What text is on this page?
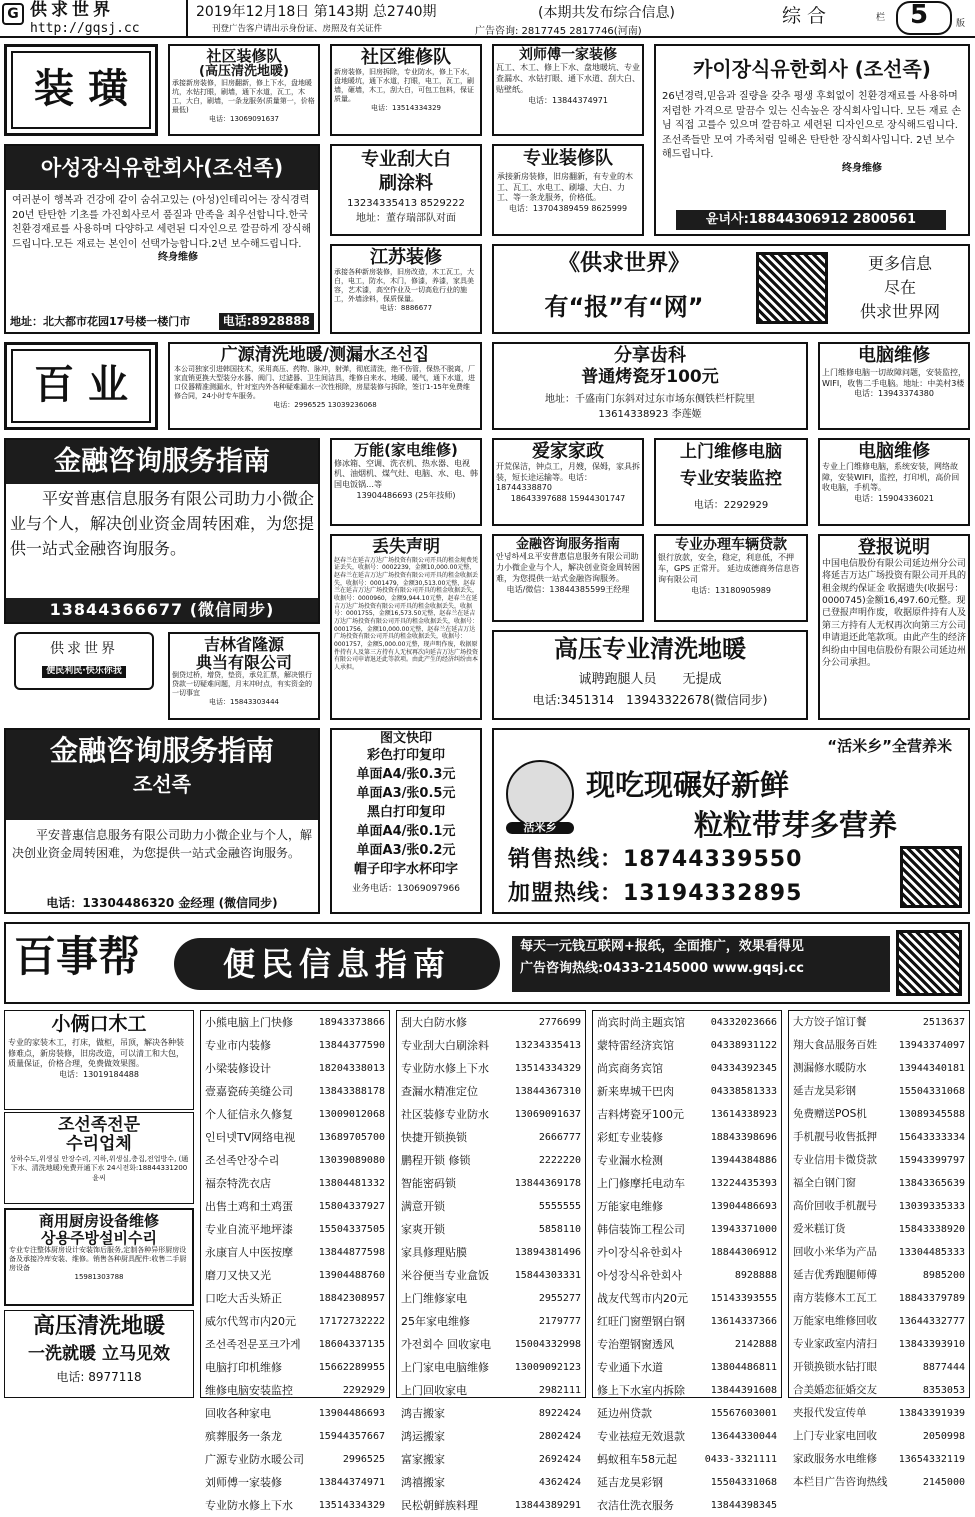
G 供求世界
http://gqsj.cc
2019年12月18日 第143期 总2740期
刊登广告客户请出示身份证、房照及有关证件
(本期共发布综合信息)
广告咨询: 2817745 2817746(河南)
综 合	栏 5	版
装 璜
社区装修队
(高压清洗地暖)
承接新房装修，旧房翻新，修上下水，盘地暖坑，水钻打眼，刷墙，通下水道，瓦工，木工，大白，刷墙，一条龙服务(质量第一，价格最低)
电话：13069091637
社区维修队
新房装修，旧房拆除，专业防水，修上下水，盘地暖坑，通下水道，打眼，电工，瓦工，刷墙，砸墙，木工，刮大白，可包工包料，保证质量。
电话：13514334329
刘师傅一家装修
瓦工、木工、修上下水、盘地暖坑、专业查漏水、水钻打眼、通下水道、刮大白、贴壁纸。
电话：13844374971
카이장식유한회사 (조선족)
26년경력,믿음과 질량을 갖추 평생 후회없이 친환경재료를 사용하며 저렴한 가격으로 말끔수 있는 신속높은 장식회사입니다. 모든 재료 손님 직접 고를수 있으며 깔끔하고 세련된 디자인으로 장식해드립니다.조선족들만 모여 가족처럼 일해온 탄탄한 장식회사입니다. 2년 보수해드립니다.
终身维修
윤녀사:18844306912 2800561
아성장식유한회사(조선족)
여러분이 행복과 건강에 같이 숨쉬고있는 (아성)인테리어는 장식경력 20년 탄탄한 기초를 가진회사로서 품질과 만족을 최우선합니다.한국 친환경재료를 사용하며 다양하고 세련된 디자인으로 깔끔하게 장식해드립니다.모든 재료는 본인이 선택가능합니다.2년 보수해드립니다.
终身维修
地址：北大都市花园17号楼一楼门市	电话:8928888
专业刮大白
刷涂料
13234335413 8529222
地址：董存瑞部队对面
专业装修队
承接新房装修，旧房翻新，有专业的木工、瓦工、水电工、刷墙、大白、力工、等一条龙服务，价格低。
电话：13704389459 8625999
江苏装修
承接各种新房装修，旧房改造，木工瓦工，大白，电工，防水，木门，修漆，养漆，家具美容，艺术漆，高空作业及一切高危行业的施工，外墙涂料，保质保量。
电话：8886677
《供求世界》
有“报”有“网”
更多信息
尽在
供求世界网
百 业
广源清洗地暖/测漏水조선집
本公司独家引进韩国技术，采用高压、药物、脉冲，射弹，彻底清洗，绝不伤管，保热不脱离，厂家直销更换大型装分水器、阀门、过滤器、卫生间洁具，维修自来水、地暖、暖气，通下水道，进口仪器精准测漏水，针对室内外各种疑难漏水一次性根除，房屋装修与拆除，签订1-15年免费维修合同，24小时专车服务。
电话：2996525 13039236068
分享齿科
普通烤瓷牙100元
地址：千盛南门东斜对过东市场东侧铁栏杆院里
13614338923 李莲姬
电脑维修
上门维修电脑一切故障问题，安装监控，WIFI，收售二手电脑。地址：中美村3楼
电话：13943374380
金融咨询服务指南
平安普惠信息服务有限公司助力小微企业与个人，解决创业资金周转困难，为您提供一站式金融咨询服务。
13844366677 (微信同步)
万能(家电维修)
修冰箱、空调、洗衣机、热水器、电视机、油烟机、煤气灶、电脑、水、电、韩国电饭锅…等
13904486693 (25年技师)
爱家家政
开荒保洁，钟点工，月嫂，保姆，家具拆装，短长途运输等。电话：18744338870
18643397688 15944301747
上门维修电脑
专业安装监控
电话：2292929
电脑维修
专业上门维修电脑，系统安装，网络故障，安装WIFI，监控，打印机，高价回收电脑，手机等。
电话：15904336021
丢失声明
赵春兰在延吉万达广场投资有限公司开具的租金规费凭证丢失，收据号：0002239，金额10,000.00元整，赵春兰在延吉万达广场投资有限公司开具的租金收据丢失，收据号：0001479，金额30,513.00元整，赵春兰在延吉万达广场投资有限公司开具的租金收据丢失，收据号：0000960，金额9,944.10元整，赵春兰在延吉万达广场投资有限公司开具的租金收据丢失，收据号：0001755，金额16,573.50元整，赵春兰在延吉万达广场投资有限公司开具的租金收据丢失，收据号：0001756，金额10,000.00元整，赵春兰在延吉万达广场投资有限公司开具的租金收据丢失，收据号：0001757，金额5,000.00元整，现声明作废，收据原件持有人及第三方持有人无权再次向延吉万达广场投资有限公司申请退还此等款项。由此产生的经济纠纷由本人承担。
金融咨询服务指南
안녕하세요平安普惠信息服务有限公司助力小微企业与个人，解决创业资金周转困难，为您提供一站式金融咨询服务。
电话/微信：13844385599王经理
专业办理车辆贷款
银行放款，安全，稳定，利息低，不押车，GPS 正常开。 延边成德商务信息咨询有限公司
电话：13180905989
登报说明
中国电信股份有限公司延边州分公司将延吉万达广场投资有限公司开具的租金规约保证金 收据遗失(收据号：0000745)金额16,497.60元整。现已登报声明作废，收据原件持有人及第三方持有人无权再次向第三方公司申请退还此笔款项。由此产生的经济纠纷由中国电信股份有限公司延边州分公司承担。
供求世界
便民利民·快乐你我
吉林省隆源
典当有限公司
倒贷过桥，增贷，垫资，承兑汇票，解决银行贷款一切疑难问题，月末冲时点，有实资金的一切事宜
电话：15843303444
高压专业清洗地暖
诚聘跑腿人员　　无提成
电话:3451314　13943322678(微信同步)
金融咨询服务指南
조선족
平安普惠信息服务有限公司助力小微企业与个人，解决创业资金周转困难，为您提供一站式金融咨询服务。
电话：13304486320 金经理 (微信同步)
图文快印
彩色打印复印
单面A4/张0.3元
单面A3/张0.5元
黑白打印复印
单面A4/张0.1元
单面A3/张0.2元
帽子印字水杯印字
业务电话：13069097966
“活米乡”全营养米
活米乡
现吃现碾好新鲜
粒粒带芽多营养
销售热线：18744339550
加盟热线：13194332895
百事帮	便民信息指南	每天一元钱互联网+报纸，全面推广，效果看得见
广告咨询热线:0433-2145000 www.gqsj.cc
小俩口木工
专业的家装木工，打床，做柜，吊顶，解决各种装修难点，新房装修，旧房改造，可以清工和大包，质量保证，价格合理，免费做效果图。
电话：13019184488
조선족전문
수리업체
상하수도,위생실 안장수리, 지하,위생실,층집,전업방수, (通下水、清洗地暖)免费开通下水 24시전화:18844331200 윤씨
商用厨房设备维修
상용주방설비수리
专业专注整体厨房设计安装饰后服务,定制各种异形厨房设备及承接冷库安装、维修。销售各种厨具配件:收售二手厨房设备
15981303788
高压清洗地暖
一洗就暖 立马见效
电话: 8977118
小熊电脑上门快修	18943373866
专业市内装修	13844377590
小梁装修设计	18204338013
壹嘉瓷砖美缝公司	13843388178
个人征信永久修复	13009012068
인터넷TV网络电视 13689705700
조선족안장수리	13039089080
福奈特洗衣店	13804481332
出售土鸡和土鸡蛋	15804337927
专业自流平地坪漆	15504337505
永康盲人中医按摩	13844877598
磨刀又快又光	13904488760
口吃大舌头矫正	18842308957
威尔代驾市内20元 17172732222
조선족전문포크가게 18604337135
电脑打印机维修	15662289955
维修电脑安装监控	2292929
回收各种家电	13904486693
殡葬服务一条龙	15944357667
广源专业防水暖公司	2996525
刘师傅一家装修	13844374971
专业防水修上下水	13514334329
刮大白防水修	2776699
专业刮大白刷涂料	13234335413
专业防水修上下水	13514334329
查漏水精准定位	13844367310
社区装修专业防水	13069091637
快捷开锁换锁	2666777
鹏程开锁 修锁	2222220
智能密码锁	13844369178
满意开锁	5555555
家爽开锁	5858110
家具修理贴膜	13894381496
米谷便当专业盒饭	15844303331
上门维修家电	2955277
25年家电维修	2179777
가전회수 回收家电 15004332998
上门家电电脑维修	13009092123
上门回收家电	2982111
鸿吉搬家	8922424
鸿运搬家	2802424
富家搬家	2692424
鸿禧搬家	4362424
民松朝鲜族料理	13844389291
尚宾时尚主题宾馆	04332023666
蒙特雷经济宾馆	04338931122
尚宾商务宾馆	04334392345
新来卑城干巴肉	04338581333
吉料烤瓷牙100元	13614338923
彩虹专业装修	18843398696
专业漏水检测	13944384886
上门修摩托电动车	13224435393
万能家电维修	13904486693
韩信装饰工程公司	13943371000
카이장식유한회사	18844306912
아성장식유한회사	8928888
战友代驾市内20元 15143393555
红旺门窗塑钢白钢	13614337366
专治塑钢窗透风	2142888
专业通下水道	13804486811
修上下水室内拆除	13844391608
延边州贷款	15567603001
专业祛痘无效退款	13644330044
蚂蚁租车58元起	0433-3321111
延吉龙昊彩钢	15504331068
衣洁仕洗衣服务	13844398345
大方饺子馆订餐	2513637
翔大食品服务百姓 13943374097
测漏修水暖防水	13944340181
延吉龙昊彩钢	15504331068
免费赠送POS机	13089345588
手机靓号收售抵押 15643333334
专业信用卡微贷款 15943399797
福全白钢门窗	13843365639
高价回收手机靓号 13039335333
爱米糕订货	15843338920
回收小米华为产品 13304485333
延吉优秀跑腿师傅	8985200
南方装修木工瓦工 18843379789
万能家电维修回收 13644332777
专业家政室内清扫 13843393910
开锁换锁水钻打眼	8877444
合美婚恋征婚交友	8353053
夹报代发宣传单	13843391939
上门专业家电回收	2050998
家政服务水电维修 13654332119
本栏目广告咨询热线	2145000
